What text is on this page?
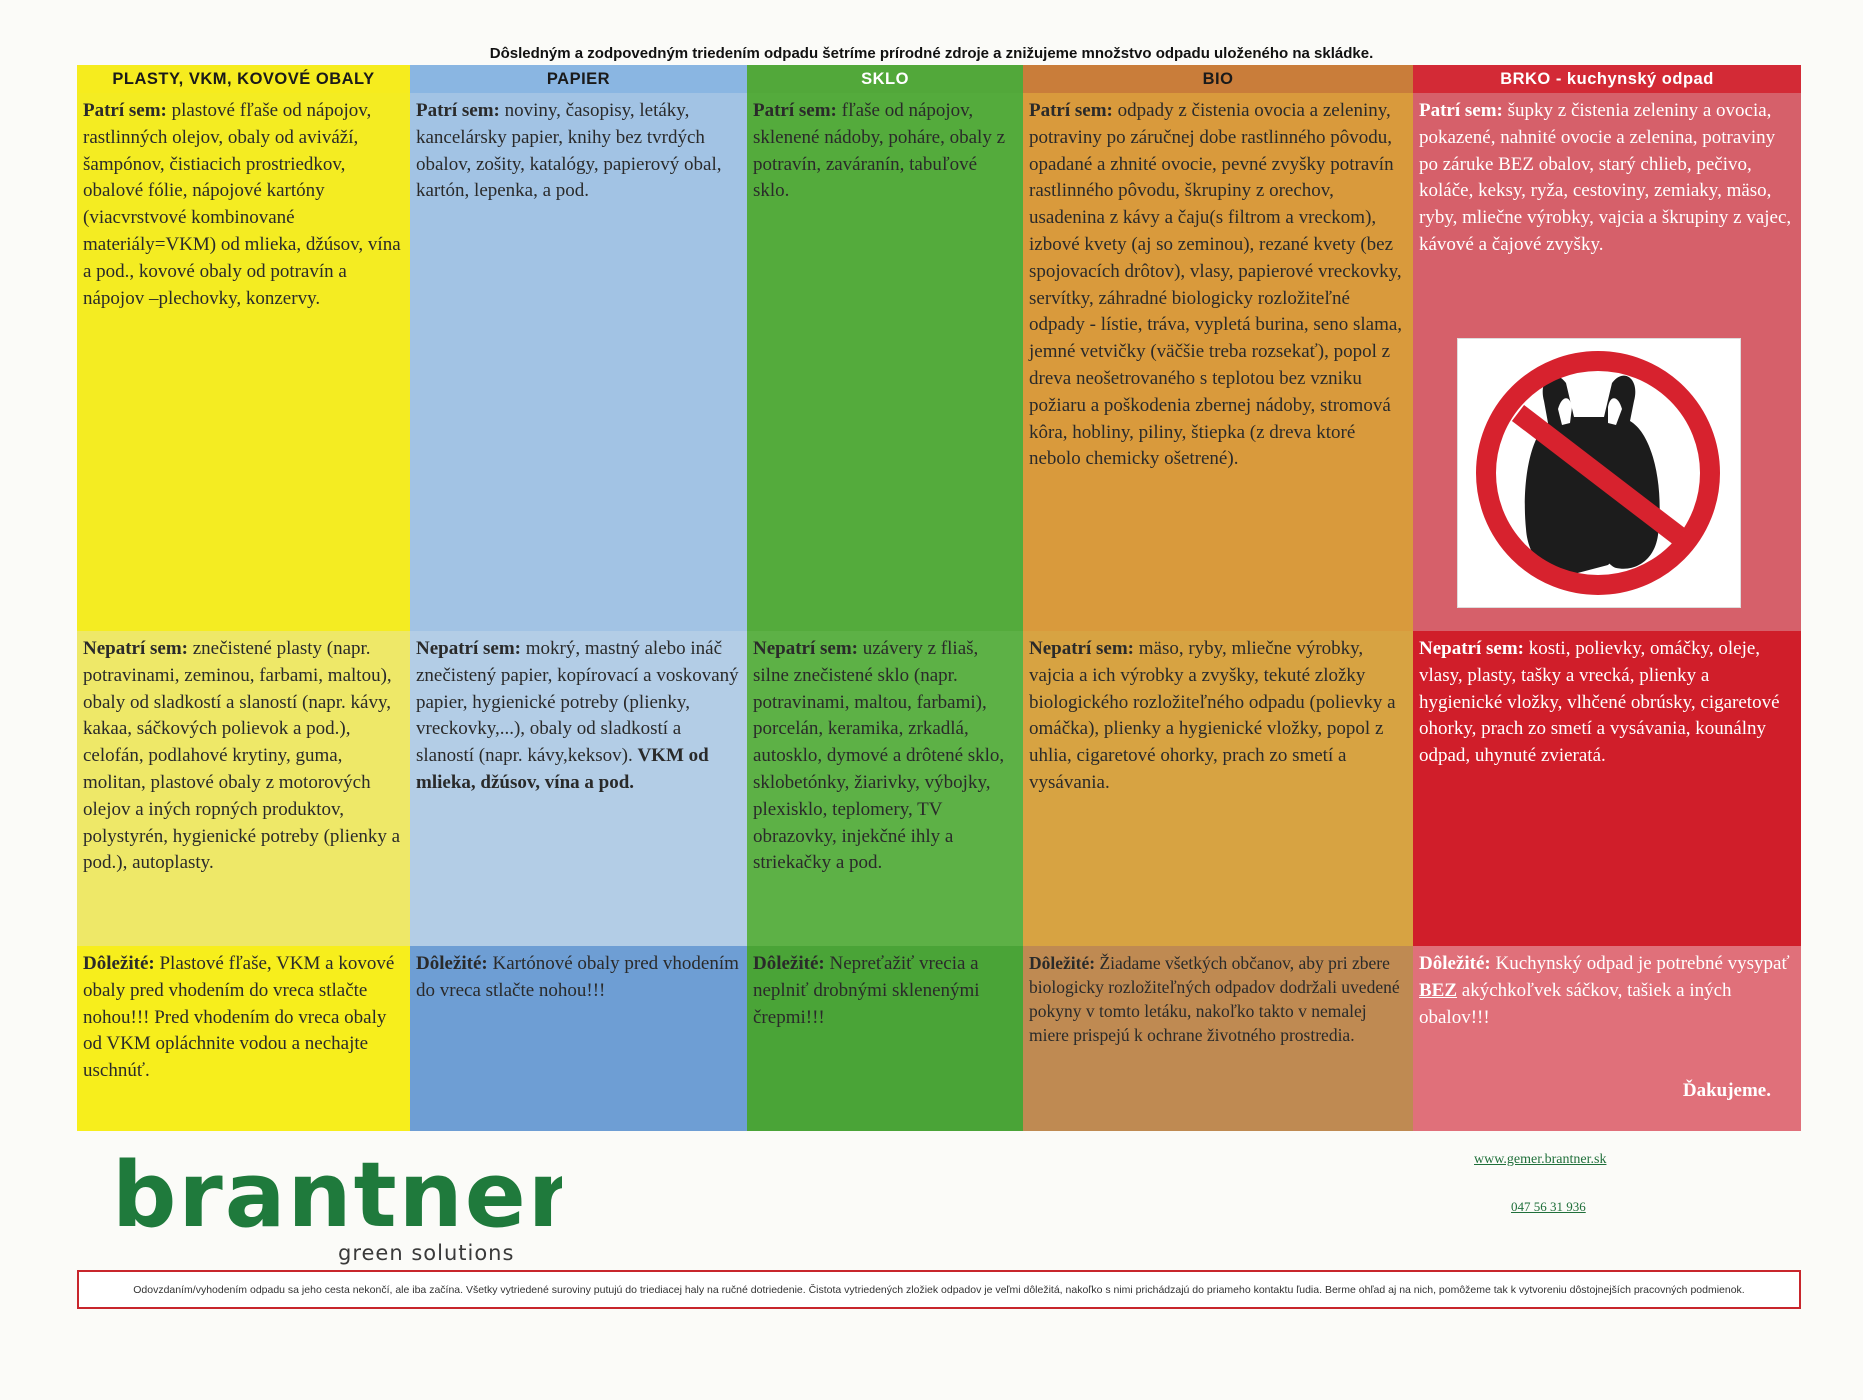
Dôsledným a zodpovedným triedením odpadu šetríme prírodné zdroje a znižujeme množstvo odpadu uloženého na skládke.
PLASTY, VKM, KOVOVÉ OBALY
Patrí sem: plastové fľaše od nápojov, rastlinných olejov, obaly od aviváží, šampónov, čistiacich prostriedkov, obalové fólie, nápojové kartóny (viacvrstvové kombinované materiály=VKM) od mlieka, džúsov, vína a pod., kovové obaly od potravín a nápojov –plechovky, konzervy.
Nepatrí sem: znečistené plasty (napr. potravinami, zeminou, farbami, maltou), obaly od sladkostí a slaností (napr. kávy, kakaa, sáčkových polievok a pod.), celofán, podlahové krytiny, guma, molitan, plastové obaly z motorových olejov a iných ropných produktov, polystyrén, hygienické potreby (plienky a pod.), autoplasty.
Dôležité: Plastové fľaše, VKM a kovové obaly pred vhodením do vreca stlačte nohou!!! Pred vhodením do vreca obaly od VKM opláchnite vodou a nechajte uschnúť.
PAPIER
Patrí sem: noviny, časopisy, letáky, kancelársky papier, knihy bez tvrdých obalov, zošity, katalógy, papierový obal, kartón, lepenka, a pod.
Nepatrí sem: mokrý, mastný alebo ináč znečistený papier, kopírovací a voskovaný papier, hygienické potreby (plienky, vreckovky,...), obaly od sladkostí a slaností (napr. kávy,keksov). VKM od mlieka, džúsov, vína a pod.
Dôležité: Kartónové obaly pred vhodením do vreca stlačte nohou!!!
SKLO
Patrí sem: fľaše od nápojov, sklenené nádoby, poháre, obaly z potravín, zaváranín, tabuľové sklo.
Nepatrí sem: uzávery z fliaš, silne znečistené sklo (napr. potravinami, maltou, farbami), porcelán, keramika, zrkadlá, autosklo, dymové a drôtené sklo, sklobetónky, žiarivky, výbojky, plexisklo, teplomery, TV obrazovky, injekčné ihly a striekačky a pod.
Dôležité: Nepreťažiť vrecia a neplniť drobnými sklenenými črepmi!!!
BIO
Patrí sem: odpady z čistenia ovocia a zeleniny, potraviny po záručnej dobe rastlinného pôvodu, opadané a zhnité ovocie, pevné zvyšky potravín rastlinného pôvodu, škrupiny z orechov, usadenina z kávy a čaju(s filtrom a vreckom), izbové kvety (aj so zeminou), rezané kvety (bez spojovacích drôtov), vlasy, papierové vreckovky, servítky, záhradné biologicky rozložiteľné odpady - lístie, tráva, vypletá burina, seno slama, jemné vetvičky (väčšie treba rozsekať), popol z dreva neošetrovaného s teplotou bez vzniku požiaru a poškodenia zbernej nádoby, stromová kôra, hobliny, piliny, štiepka (z dreva ktoré nebolo chemicky ošetrené).
Nepatrí sem: mäso, ryby, mliečne výrobky, vajcia a ich výrobky a zvyšky, tekuté zložky biologického rozložiteľného odpadu (polievky a omáčka), plienky a hygienické vložky, popol z uhlia, cigaretové ohorky, prach zo smetí a vysávania.
Dôležité: Žiadame všetkých občanov, aby pri zbere biologicky rozložiteľných odpadov dodržali uvedené pokyny v tomto letáku, nakoľko takto v nemalej miere prispejú k ochrane životného prostredia.
BRKO - kuchynský odpad
Patrí sem: šupky z čistenia zeleniny a ovocia, pokazené, nahnité ovocie a zelenina, potraviny po záruke BEZ obalov, starý chlieb, pečivo, koláče, keksy, ryža, cestoviny, zemiaky, mäso, ryby, mliečne výrobky, vajcia a škrupiny z vajec, kávové a čajové zvyšky.
Nepatrí sem: kosti, polievky, omáčky, oleje, vlasy, plasty, tašky a vrecká, plienky a hygienické vložky, vlhčené obrúsky, cigaretové ohorky, prach zo smetí a vysávania, kounálny odpad, uhynuté zvieratá.
Dôležité: Kuchynský odpad je potrebné vysypať BEZ akýchkoľvek sáčkov, tašiek a iných obalov!!!
Ďakujeme.
brantner
green solutions
www.gemer.brantner.sk
047 56 31 936
Odovzdaním/vyhodením odpadu sa jeho cesta nekončí, ale iba začína. Všetky vytriedené suroviny putujú do triediacej haly na ručné dotriedenie. Čistota vytriedených zložiek odpadov je veľmi dôležitá, nakoľko s nimi prichádzajú do priameho kontaktu ľudia. Berme ohľad aj na nich, pomôžeme tak k vytvoreniu dôstojnejších pracovných podmienok.
